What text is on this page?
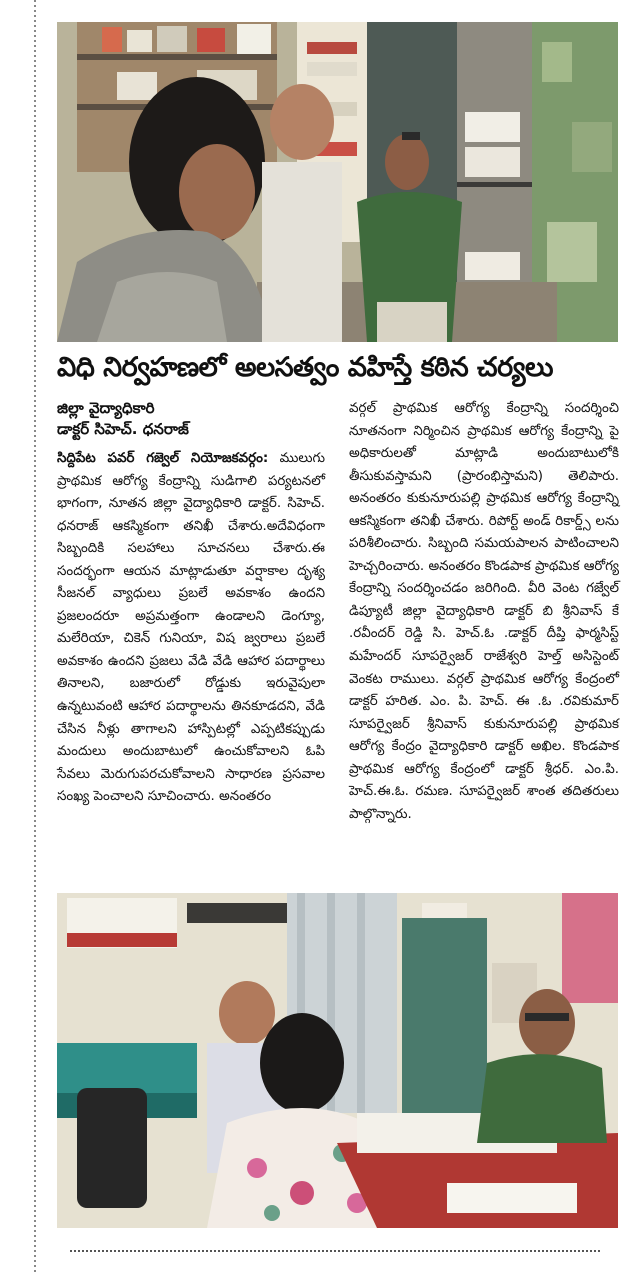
విధి నిర్వహణలో అలసత్వం వహిస్తే కఠిన చర్యలు
జిల్లా వైద్యాధికారి
డాక్టర్ సిహెచ్. ధనరాజ్
సిద్దిపేట పవర్ గజ్వెల్ నియోజకవర్గం: ములుగు ప్రాథమిక ఆరోగ్య కేంద్రాన్ని సుడిగాలి పర్యటనలో భాగంగా, నూతన జిల్లా వైద్యాధికారి డాక్టర్. సిహెచ్. ధనరాజ్ ఆకస్మికంగా తనిఖీ చేశారు.అదేవిధంగా సిబ్బందికి సలహాలు సూచనలు చేశారు.ఈ సందర్భంగా ఆయన మాట్లాడుతూ వర్షాకాల దృశ్య సీజనల్ వ్యాధులు ప్రబలే అవకాశం ఉందని ప్రజలందరూ అప్రమత్తంగా ఉండాలని డెంగ్యూ, మలేరియా, చికెన్ గునియా, విష జ్వరాలు ప్రబలే అవకాశం ఉందని ప్రజలు వేడి వేడి ఆహార పదార్థాలు తినాలని, బజారులో రోడ్డుకు ఇరువైపులా ఉన్నటువంటి ఆహార పదార్థాలను తినకూడదని, వేడి చేసిన నీళ్లు తాగాలని హాస్పిటల్లో ఎప్పటికప్పుడు మందులు అందుబాటులో ఉంచుకోవాలని ఓపి సేవలు మెరుగుపరచుకోవాలని సాధారణ ప్రసవాల సంఖ్య పెంచాలని సూచించారు. అనంతరం
వర్గల్ ప్రాథమిక ఆరోగ్య కేంద్రాన్ని సందర్శించి నూతనంగా నిర్మించిన ప్రాథమిక ఆరోగ్య కేంద్రాన్ని పై అధికారులతో మాట్లాడి అందుబాటులోకి తీసుకువస్తామని (ప్రారంభిస్తామని) తెలిపారు. అనంతరం కుకునూరుపల్లి ప్రాథమిక ఆరోగ్య కేంద్రాన్ని ఆకస్మికంగా తనిఖీ చేశారు. రిపోర్ట్ అండ్ రికార్డ్స్ లను పరిశీలించారు. సిబ్బంది సమయపాలన పాటించాలని హెచ్చరించారు. అనంతరం కొండపాక ప్రాథమిక ఆరోగ్య కేంద్రాన్ని సందర్శించడం జరిగింది. వీరి వెంట గజ్వేల్ డిప్యూటీ జిల్లా వైద్యాధికారి డాక్టర్ బి శ్రీనివాస్ కే .రవీందర్ రెడ్డి సి. హెచ్.ఓ .డాక్టర్ దీప్తి ఫార్మసిస్ట్ మహేందర్ సూపర్వైజర్ రాజేశ్వరి హెల్త్ అసిస్టెంట్ వెంకట రాములు. వర్గల్ ప్రాథమిక ఆరోగ్య కేంద్రంలో డాక్టర్ హరిత. ఎం. పి. హెచ్. ఈ .ఓ .రవికుమార్ సూపర్వైజర్ శ్రీనివాస్ కుకునూరుపల్లి ప్రాథమిక ఆరోగ్య కేంద్రం వైద్యాధికారి డాక్టర్ అఖిల. కొండపాక ప్రాథమిక ఆరోగ్య కేంద్రంలో డాక్టర్ శ్రీధర్. ఎం.పి. హెచ్.ఈ.ఓ. రమణ. సూపర్వైజర్ శాంత తదితరులు పాల్గొన్నారు.
